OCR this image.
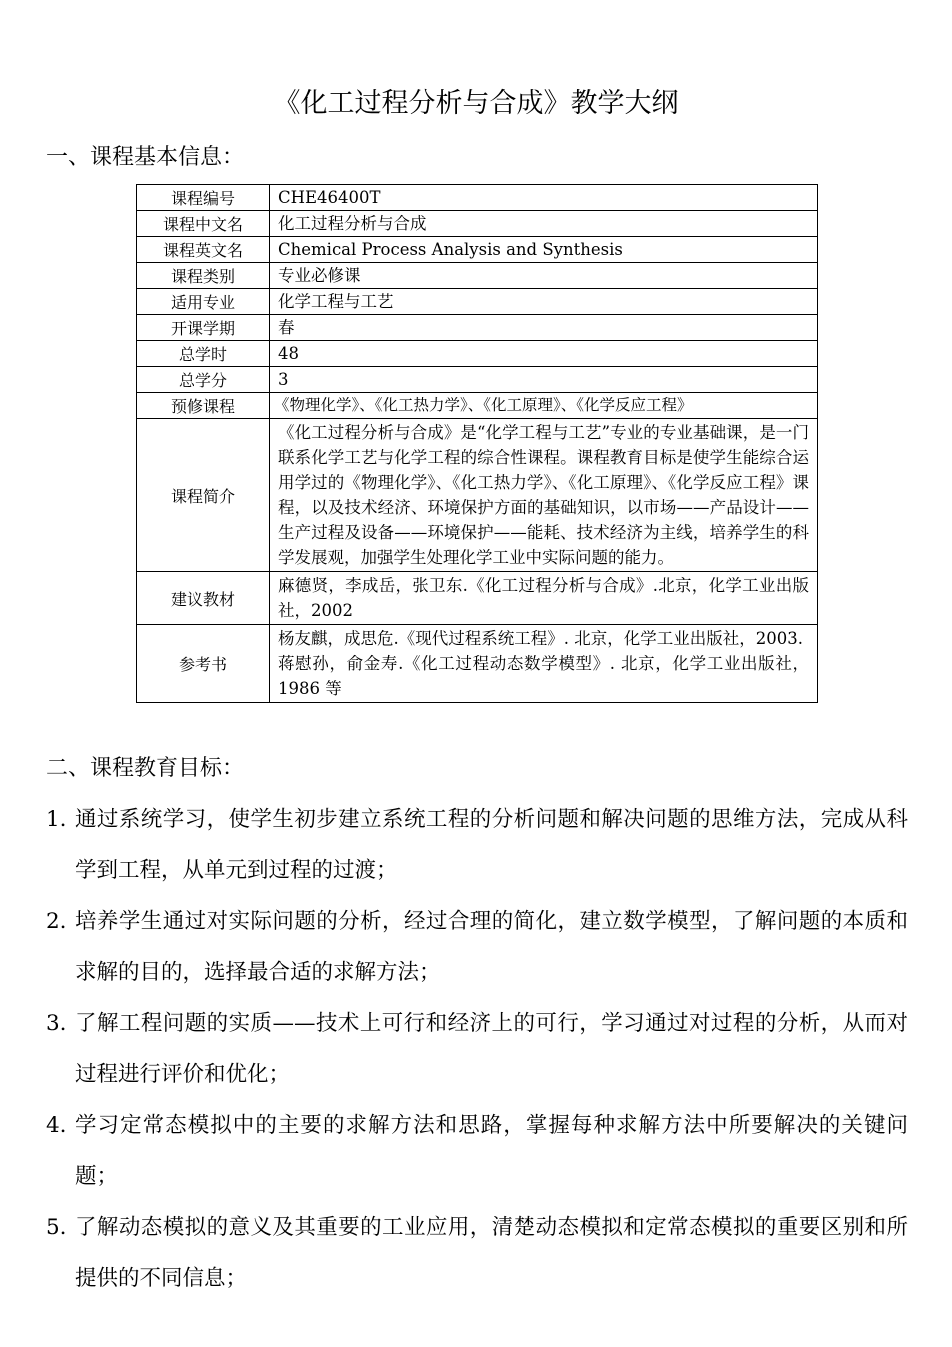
《化工过程分析与合成》教学大纲
一、课程基本信息：
课程编号	CHE46400T
课程中文名	化工过程分析与合成
课程英文名	Chemical Process Analysis and Synthesis
课程类别	专业必修课
适用专业	化学工程与工艺
开课学期	春
总学时	48
总学分	3
预修课程	《物理化学》、《化工热力学》、《化工原理》、《化学反应工程》
课程简介	《化工过程分析与合成》是“化学工程与工艺”专业的专业基础课，是一门联系化学工艺与化学工程的综合性课程。课程教育目标是使学生能综合运用学过的《物理化学》、《化工热力学》、《化工原理》、《化学反应工程》课程，以及技术经济、环境保护方面的基础知识，以市场——产品设计——生产过程及设备——环境保护——能耗、技术经济为主线，培养学生的科学发展观，加强学生处理化学工业中实际问题的能力。
建议教材	麻德贤，李成岳，张卫东.《化工过程分析与合成》.北京，化学工业出版社，2002
参考书	杨友麒，成思危.《现代过程系统工程》. 北京，化学工业出版社，2003.
蒋慰孙，俞金寿.《化工过程动态数学模型》. 北京，化学工业出版社，1986 等
二、课程教育目标：
1. 通过系统学习，使学生初步建立系统工程的分析问题和解决问题的思维方法，完成从科学到工程，从单元到过程的过渡；
2. 培养学生通过对实际问题的分析，经过合理的简化，建立数学模型，了解问题的本质和求解的目的，选择最合适的求解方法；
3. 了解工程问题的实质——技术上可行和经济上的可行，学习通过对过程的分析，从而对过程进行评价和优化；
4. 学习定常态模拟中的主要的求解方法和思路，掌握每种求解方法中所要解决的关键问题；
5. 了解动态模拟的意义及其重要的工业应用，清楚动态模拟和定常态模拟的重要区别和所提供的不同信息；
